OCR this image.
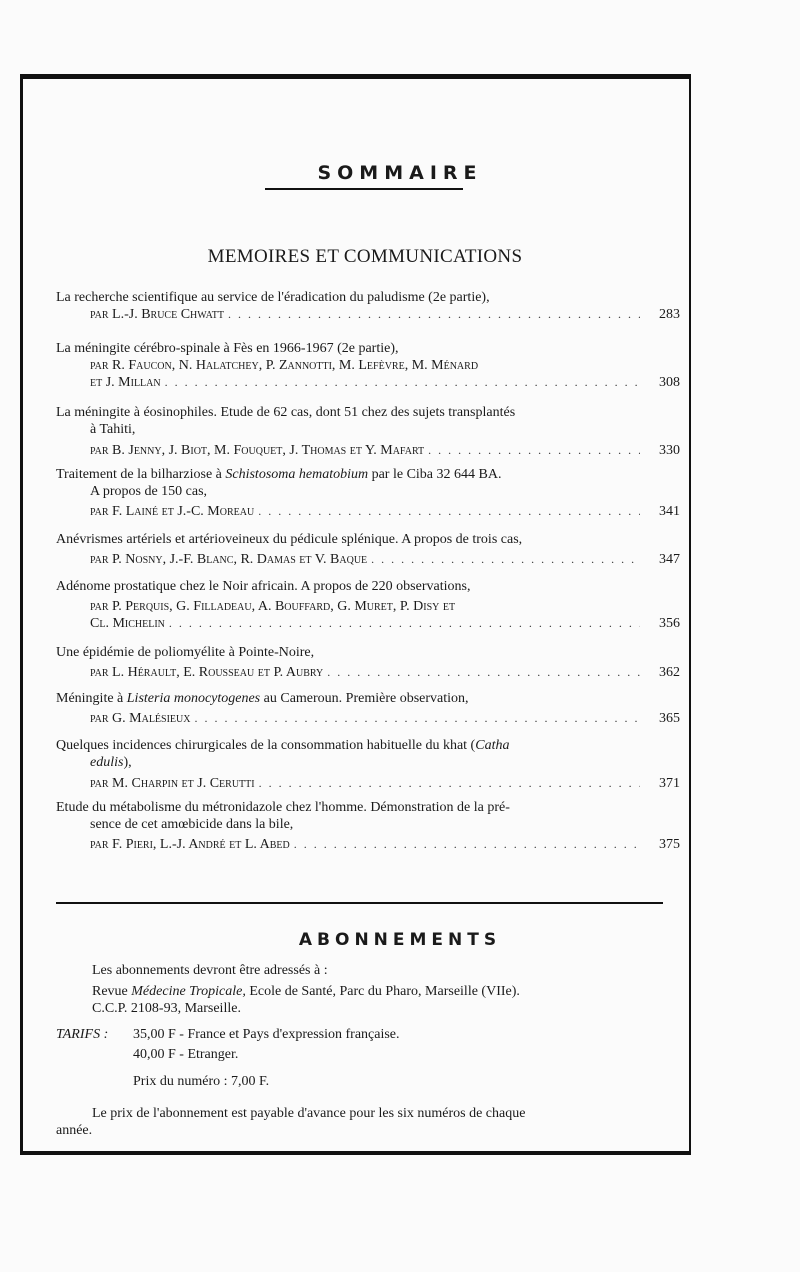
SOMMAIRE
MEMOIRES ET COMMUNICATIONS
La recherche scientifique au service de l'éradication du paludisme (2e partie),
par L.-J. Bruce Chwatt . . .	283
La méningite cérébro-spinale à Fès en 1966-1967 (2e partie),
par R. Faucon, N. Halatchey, P. Zannotti, M. Lefèvre, M. Ménard
et J. Millan . . .	308
La méningite à éosinophiles. Etude de 62 cas, dont 51 chez des sujets transplantés
à Tahiti,
par B. Jenny, J. Biot, M. Fouquet, J. Thomas et Y. Mafart . . .	330
Traitement de la bilharziose à Schistosoma hematobium par le Ciba 32 644 BA.
A propos de 150 cas,
par F. Lainé et J.-C. Moreau . . .	341
Anévrismes artériels et artérioveineux du pédicule splénique. A propos de trois cas,
par P. Nosny, J.-F. Blanc, R. Damas et V. Baque . . .	347
Adénome prostatique chez le Noir africain. A propos de 220 observations,
par P. Perquis, G. Filladeau, A. Bouffard, G. Muret, P. Disy et
Cl. Michelin . . .	356
Une épidémie de poliomyélite à Pointe-Noire,
par L. Hérault, E. Rousseau et P. Aubry . . .	362
Méningite à Listeria monocytogenes au Cameroun. Première observation,
par G. Malésieux . . .	365
Quelques incidences chirurgicales de la consommation habituelle du khat (Catha
edulis),
par M. Charpin et J. Cerutti . . .	371
Etude du métabolisme du métronidazole chez l'homme. Démonstration de la pré-
sence de cet amœbicide dans la bile,
par F. Pieri, L.-J. André et L. Abed . . .	375
ABONNEMENTS
Les abonnements devront être adressés à :
Revue Médecine Tropicale, Ecole de Santé, Parc du Pharo, Marseille (VIIe).
C.C.P. 2108-93, Marseille.
TARIFS : 35,00 F - France et Pays d'expression française.
40,00 F - Etranger.
Prix du numéro : 7,00 F.
Le prix de l'abonnement est payable d'avance pour les six numéros de chaque
année.
